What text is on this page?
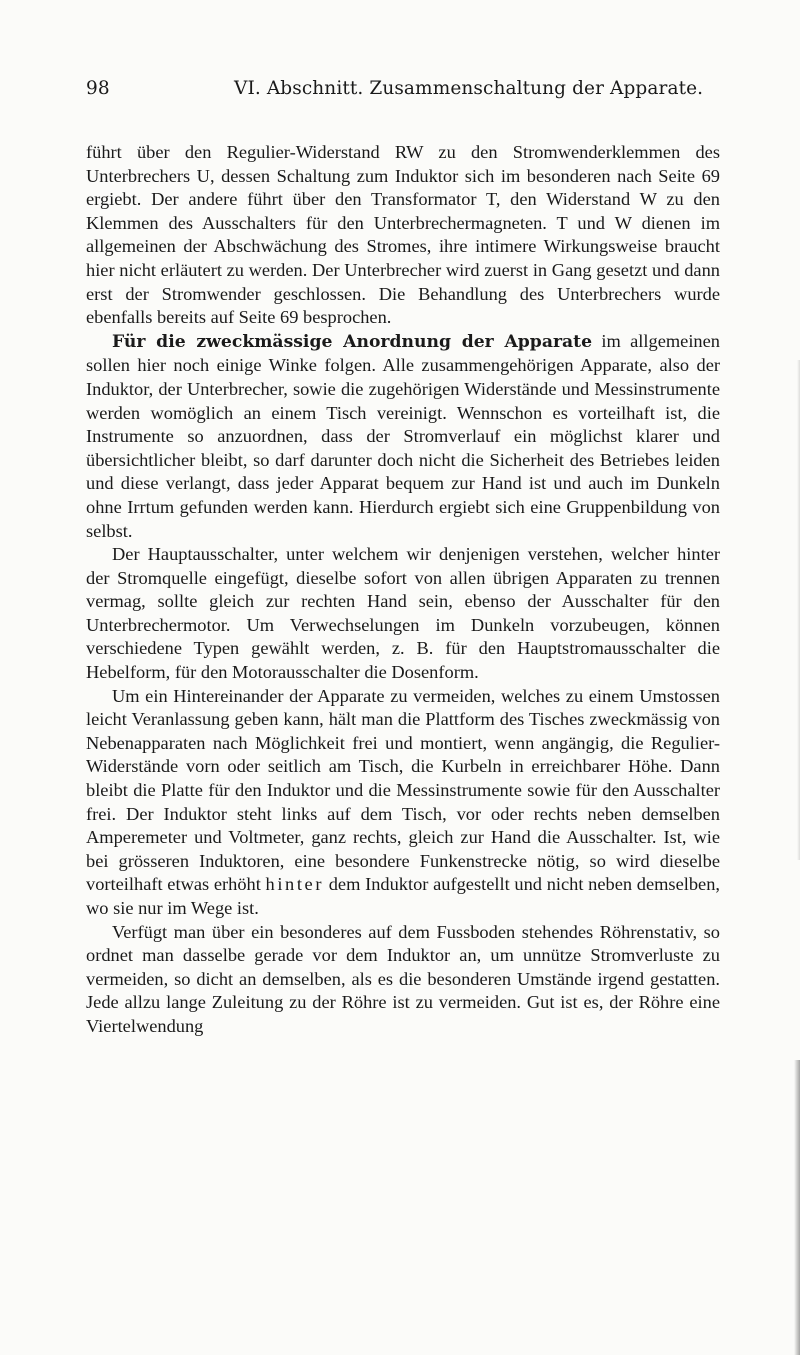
98	VI. Abschnitt. Zusammenschaltung der Apparate.

führt über den Regulier-Widerstand RW zu den Stromwenderklemmen des Unterbrechers U, dessen Schaltung zum Induktor sich im besonderen nach Seite 69 ergiebt. Der andere führt über den Transformator T, den Widerstand W zu den Klemmen des Ausschalters für den Unterbrechermagneten. T und W dienen im allgemeinen der Abschwächung des Stromes, ihre intimere Wirkungsweise braucht hier nicht erläutert zu werden. Der Unterbrecher wird zuerst in Gang gesetzt und dann erst der Stromwender geschlossen. Die Behandlung des Unterbrechers wurde ebenfalls bereits auf Seite 69 besprochen.

Für die zweckmässige Anordnung der Apparate im allgemeinen sollen hier noch einige Winke folgen. Alle zusammengehörigen Apparate, also der Induktor, der Unterbrecher, sowie die zugehörigen Widerstände und Messinstrumente werden womöglich an einem Tisch vereinigt. Wennschon es vorteilhaft ist, die Instrumente so anzuordnen, dass der Stromverlauf ein möglichst klarer und übersichtlicher bleibt, so darf darunter doch nicht die Sicherheit des Betriebes leiden und diese verlangt, dass jeder Apparat bequem zur Hand ist und auch im Dunkeln ohne Irrtum gefunden werden kann. Hierdurch ergiebt sich eine Gruppenbildung von selbst.

Der Hauptausschalter, unter welchem wir denjenigen verstehen, welcher hinter der Stromquelle eingefügt, dieselbe sofort von allen übrigen Apparaten zu trennen vermag, sollte gleich zur rechten Hand sein, ebenso der Ausschalter für den Unterbrechermotor. Um Verwechselungen im Dunkeln vorzubeugen, können verschiedene Typen gewählt werden, z. B. für den Hauptstromausschalter die Hebelform, für den Motorausschalter die Dosenform.

Um ein Hintereinander der Apparate zu vermeiden, welches zu einem Umstossen leicht Veranlassung geben kann, hält man die Plattform des Tisches zweckmässig von Nebenapparaten nach Möglichkeit frei und montiert, wenn angängig, die Regulier-Widerstände vorn oder seitlich am Tisch, die Kurbeln in erreichbarer Höhe. Dann bleibt die Platte für den Induktor und die Messinstrumente sowie für den Ausschalter frei. Der Induktor steht links auf dem Tisch, vor oder rechts neben demselben Amperemeter und Voltmeter, ganz rechts, gleich zur Hand die Ausschalter. Ist, wie bei grösseren Induktoren, eine besondere Funkenstrecke nötig, so wird dieselbe vorteilhaft etwas erhöht hinter dem Induktor aufgestellt und nicht neben demselben, wo sie nur im Wege ist.

Verfügt man über ein besonderes auf dem Fussboden stehendes Röhrenstativ, so ordnet man dasselbe gerade vor dem Induktor an, um unnütze Stromverluste zu vermeiden, so dicht an demselben, als es die besonderen Umstände irgend gestatten. Jede allzu lange Zuleitung zu der Röhre ist zu vermeiden. Gut ist es, der Röhre eine Viertelwendung
